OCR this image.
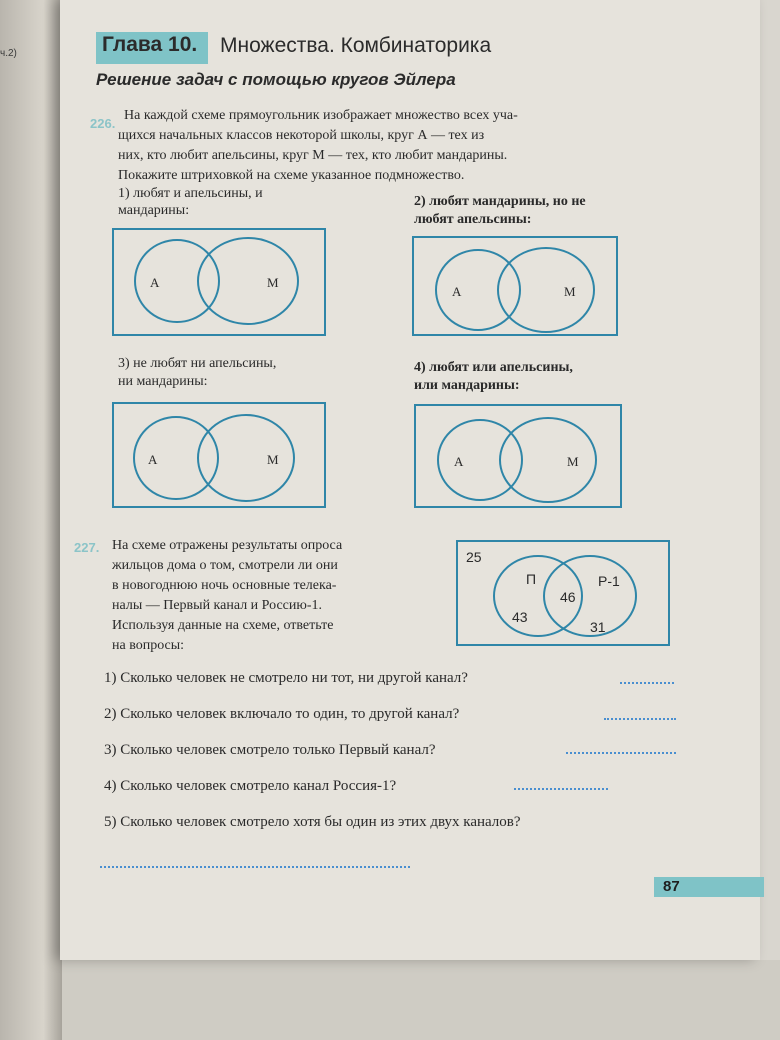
ч.2)	Глава 10. Множества. Комбинаторика
Решение задач с помощью кругов Эйлера
226.
На каждой схеме прямоугольник изображает множество всех уча-
щихся начальных классов некоторой школы, круг А — тех из
них, кто любит апельсины, круг М — тех, кто любит мандарины.
Покажите штриховкой на схеме указанное подмножество.
1) любят и апельсины, и
мандарины:
2) любят мандарины, но не
любят апельсины:
3) не любят ни апельсины,
ни мандарины:
4) любят или апельсины,
или мандарины:
А	М
А	М
А	М	А	М
227. На схеме отражены результаты опроса
жильцов дома о том, смотрели ли они
в новогоднюю ночь основные телека-
налы — Первый канал и Россию-1.
Используя данные на схеме, ответьте
на вопросы:
25
П	Р-1
43
46
31
1) Сколько человек не смотрело ни тот, ни другой канал?
2) Сколько человек включало то один, то другой канал?
3) Сколько человек смотрело только Первый канал?
4) Сколько человек смотрело канал Россия-1?
5) Сколько человек смотрело хотя бы один из этих двух каналов?
87
